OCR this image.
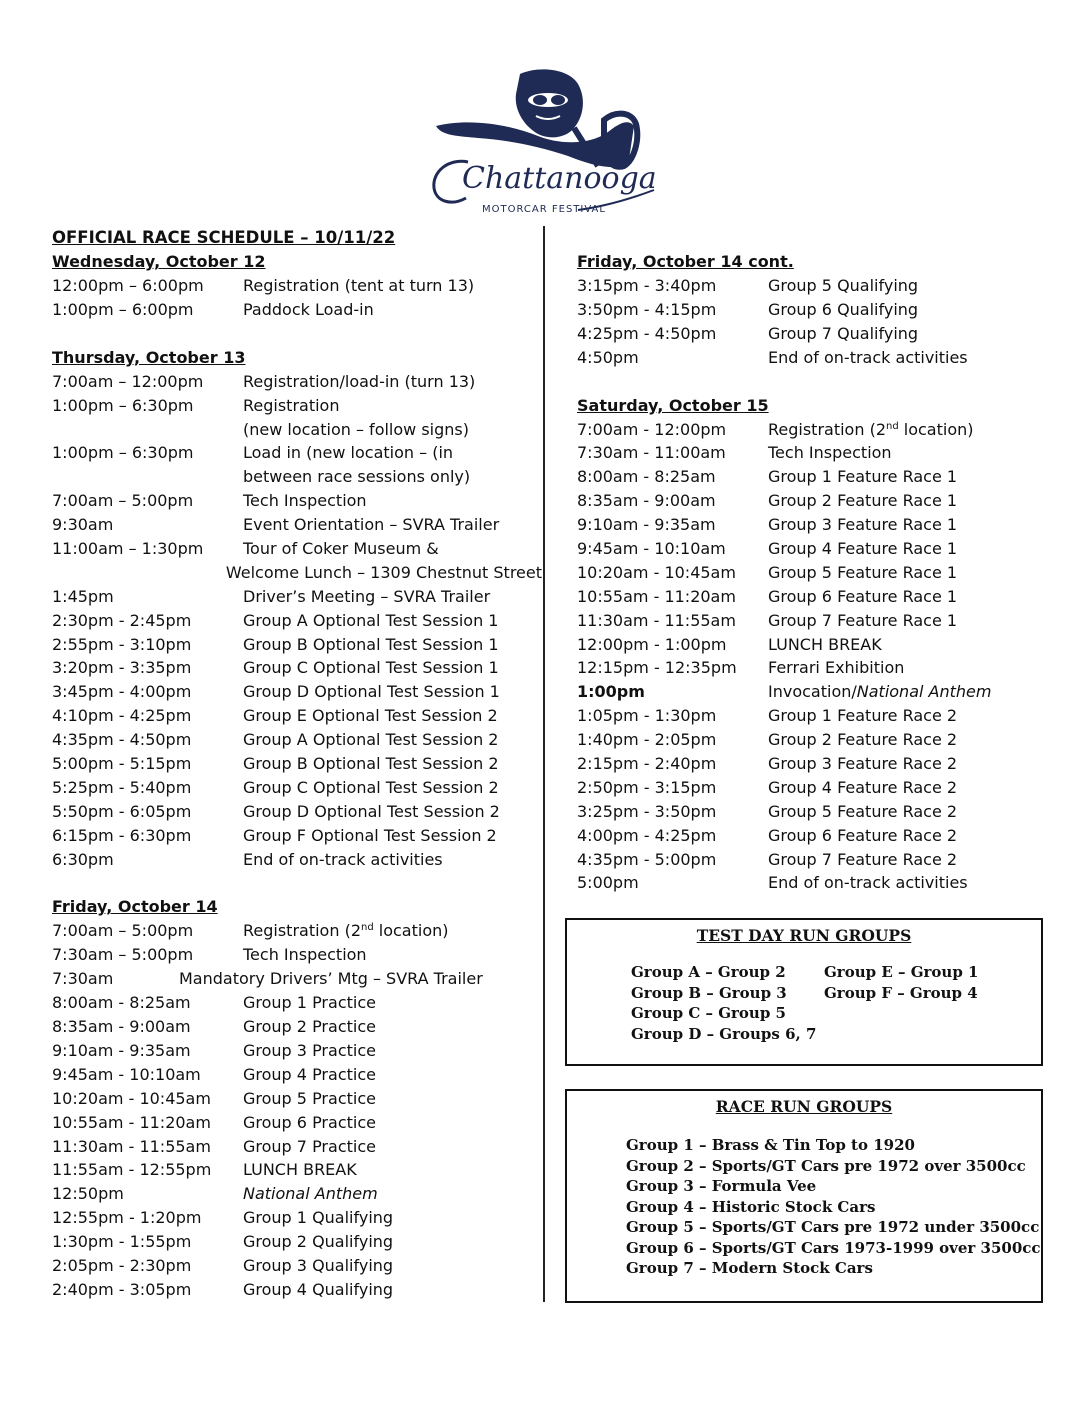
Chattanooga
MOTORCAR FESTIVAL
OFFICIAL RACE SCHEDULE – 10/11/22
Wednesday, October 12
12:00pm – 6:00pm Registration (tent at turn 13)
1:00pm – 6:00pm	Paddock Load-in
Thursday, October 13
7:00am – 12:00pm Registration/load-in (turn 13)
1:00pm – 6:30pm	Registration
(new location – follow signs)
1:00pm – 6:30pm	Load in (new location – (in
between race sessions only)
7:00am – 5:00pm	Tech Inspection
9:30am	Event Orientation – SVRA Trailer
11:00am – 1:30pm Tour of Coker Museum &
Welcome Lunch – 1309 Chestnut Street
1:45pm	Driver’s Meeting – SVRA Trailer
2:30pm - 2:45pm	Group A Optional Test Session 1
2:55pm - 3:10pm	Group B Optional Test Session 1
3:20pm - 3:35pm	Group C Optional Test Session 1
3:45pm - 4:00pm	Group D Optional Test Session 1
4:10pm - 4:25pm	Group E Optional Test Session 2
4:35pm - 4:50pm	Group A Optional Test Session 2
5:00pm - 5:15pm	Group B Optional Test Session 2
5:25pm - 5:40pm	Group C Optional Test Session 2
5:50pm - 6:05pm	Group D Optional Test Session 2
6:15pm - 6:30pm	Group F Optional Test Session 2
6:30pm	End of on-track activities
Friday, October 14
7:00am – 5:00pm	Registration (2nd location)
7:30am – 5:00pm	Tech Inspection
7:30am	Mandatory Drivers’ Mtg – SVRA Trailer
8:00am - 8:25am	Group 1 Practice
8:35am - 9:00am	Group 2 Practice
9:10am - 9:35am	Group 3 Practice
9:45am - 10:10am	Group 4 Practice
10:20am - 10:45am Group 5 Practice
10:55am - 11:20am Group 6 Practice
11:30am - 11:55am Group 7 Practice
11:55am - 12:55pm LUNCH BREAK
12:50pm	National Anthem
12:55pm - 1:20pm	Group 1 Qualifying
1:30pm - 1:55pm	Group 2 Qualifying
2:05pm - 2:30pm	Group 3 Qualifying
2:40pm - 3:05pm	Group 4 Qualifying
Friday, October 14 cont.
3:15pm - 3:40pm	Group 5 Qualifying
3:50pm - 4:15pm	Group 6 Qualifying
4:25pm - 4:50pm	Group 7 Qualifying
4:50pm	End of on-track activities
Saturday, October 15
7:00am - 12:00pm	Registration (2nd location)
7:30am - 11:00am	Tech Inspection
8:00am - 8:25am	Group 1 Feature Race 1
8:35am - 9:00am	Group 2 Feature Race 1
9:10am - 9:35am	Group 3 Feature Race 1
9:45am - 10:10am	Group 4 Feature Race 1
10:20am - 10:45am Group 5 Feature Race 1
10:55am - 11:20am Group 6 Feature Race 1
11:30am - 11:55am Group 7 Feature Race 1
12:00pm - 1:00pm	LUNCH BREAK
12:15pm - 12:35pm Ferrari Exhibition
1:00pm	Invocation/National Anthem
1:05pm - 1:30pm	Group 1 Feature Race 2
1:40pm - 2:05pm	Group 2 Feature Race 2
2:15pm - 2:40pm	Group 3 Feature Race 2
2:50pm - 3:15pm	Group 4 Feature Race 2
3:25pm - 3:50pm	Group 5 Feature Race 2
4:00pm - 4:25pm	Group 6 Feature Race 2
4:35pm - 5:00pm	Group 7 Feature Race 2
5:00pm	End of on-track activities
TEST DAY RUN GROUPS
Group A – Group 2
Group B – Group 3
Group C – Group 5
Group D – Groups 6, 7
Group E – Group 1
Group F – Group 4
RACE RUN GROUPS
Group 1 – Brass & Tin Top to 1920
Group 2 – Sports/GT Cars pre 1972 over 3500cc
Group 3 – Formula Vee
Group 4 – Historic Stock Cars
Group 5 – Sports/GT Cars pre 1972 under 3500cc
Group 6 – Sports/GT Cars 1973-1999 over 3500cc
Group 7 – Modern Stock Cars
